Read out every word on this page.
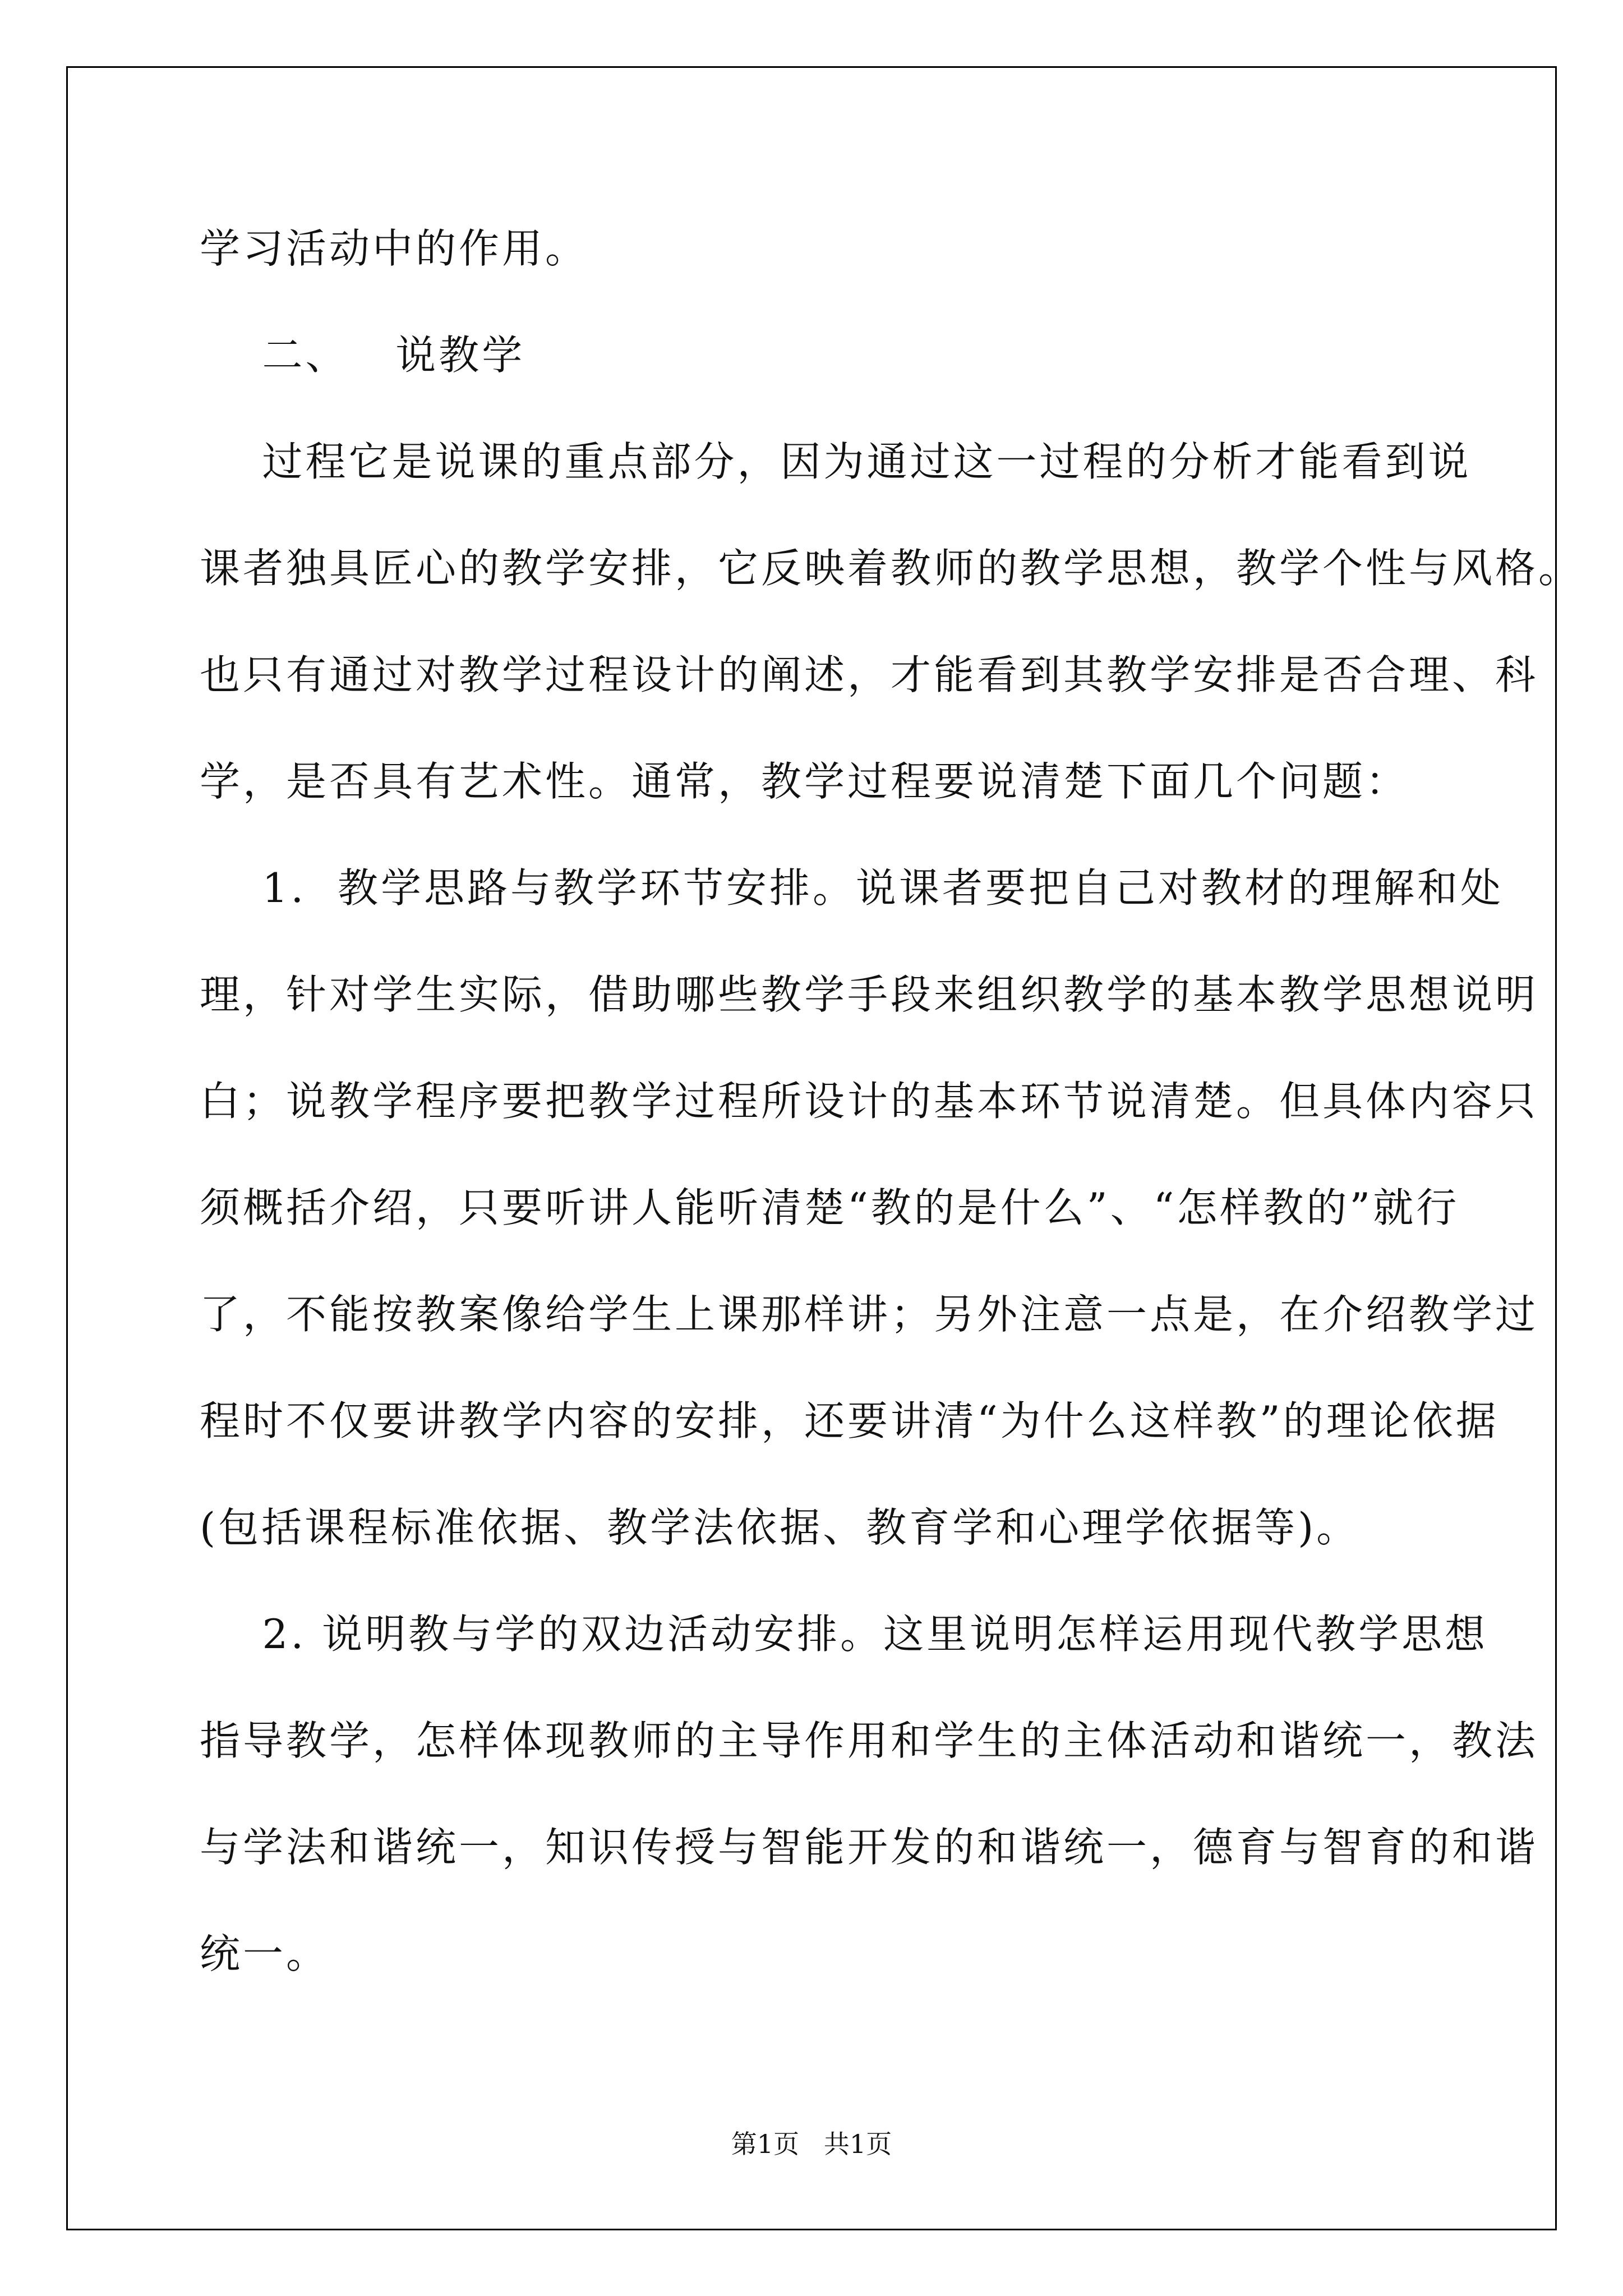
学习活动中的作用。
二、   说教学
过程它是说课的重点部分，因为通过这一过程的分析才能看到说
课者独具匠心的教学安排，它反映着教师的教学思想，教学个性与风格。
也只有通过对教学过程设计的阐述，才能看到其教学安排是否合理、科
学，是否具有艺术性。通常，教学过程要说清楚下面几个问题：
1.  教学思路与教学环节安排。说课者要把自己对教材的理解和处
理，针对学生实际，借助哪些教学手段来组织教学的基本教学思想说明
白；说教学程序要把教学过程所设计的基本环节说清楚。但具体内容只
须概括介绍，只要听讲人能听清楚“教的是什么”、“怎样教的”就行
了，不能按教案像给学生上课那样讲；另外注意一点是，在介绍教学过
程时不仅要讲教学内容的安排，还要讲清“为什么这样教”的理论依据
(包括课程标准依据、教学法依据、教育学和心理学依据等)。
2. 说明教与学的双边活动安排。这里说明怎样运用现代教学思想
指导教学，怎样体现教师的主导作用和学生的主体活动和谐统一，教法
与学法和谐统一，知识传授与智能开发的和谐统一，德育与智育的和谐
统一。
第1页   共1页
